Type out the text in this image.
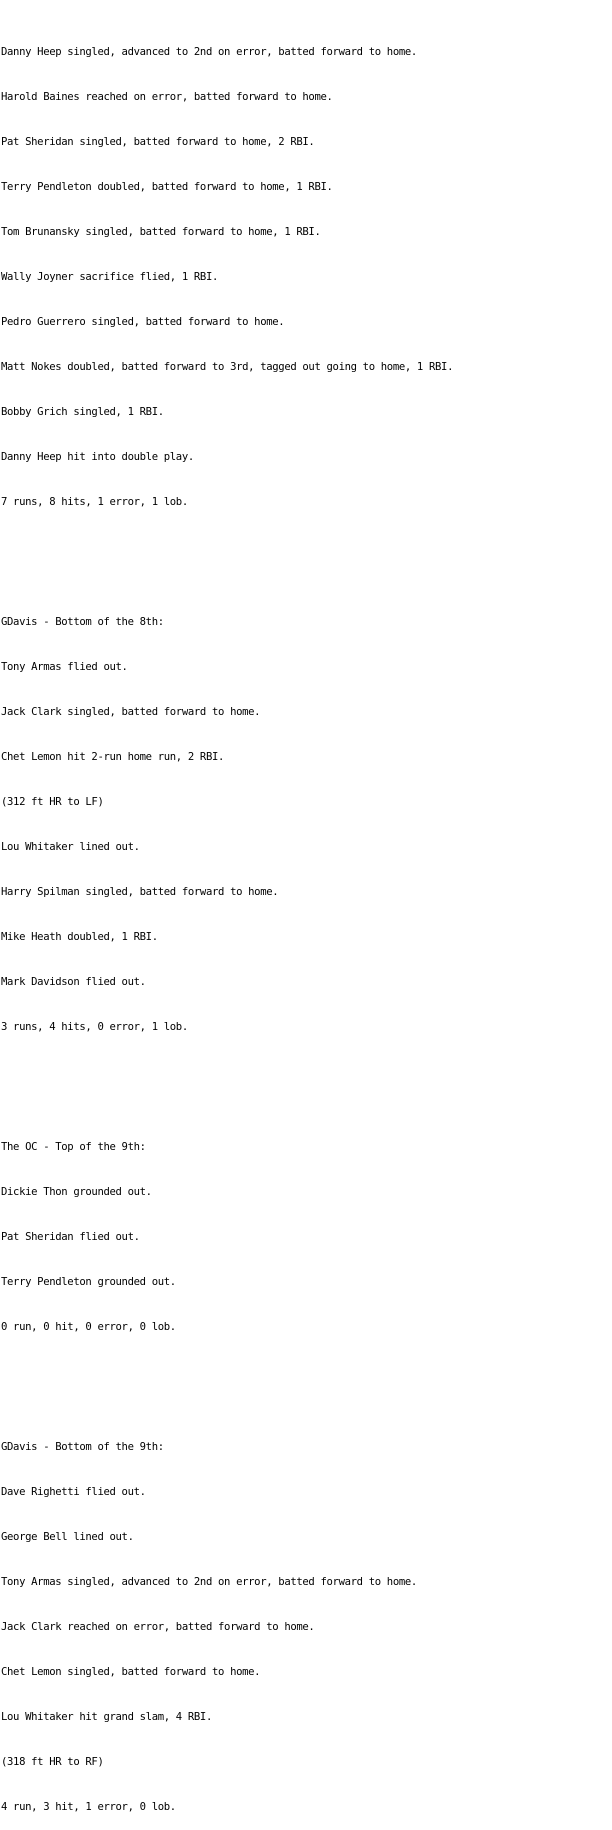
Danny Heep singled, advanced to 2nd on error, batted forward to home.

Harold Baines reached on error, batted forward to home.

Pat Sheridan singled, batted forward to home, 2 RBI.

Terry Pendleton doubled, batted forward to home, 1 RBI.

Tom Brunansky singled, batted forward to home, 1 RBI.

Wally Joyner sacrifice flied, 1 RBI.

Pedro Guerrero singled, batted forward to home.

Matt Nokes doubled, batted forward to 3rd, tagged out going to home, 1 RBI.

Bobby Grich singled, 1 RBI.

Danny Heep hit into double play.

7 runs, 8 hits, 1 error, 1 lob.

GDavis - Bottom of the 8th:

Tony Armas flied out.

Jack Clark singled, batted forward to home.

Chet Lemon hit 2-run home run, 2 RBI.

(312 ft HR to LF)

Lou Whitaker lined out.

Harry Spilman singled, batted forward to home.

Mike Heath doubled, 1 RBI.

Mark Davidson flied out.

3 runs, 4 hits, 0 error, 1 lob.

The OC - Top of the 9th:

Dickie Thon grounded out.

Pat Sheridan flied out.

Terry Pendleton grounded out.

0 run, 0 hit, 0 error, 0 lob.

GDavis - Bottom of the 9th:

Dave Righetti flied out.

George Bell lined out.

Tony Armas singled, advanced to 2nd on error, batted forward to home.

Jack Clark reached on error, batted forward to home.

Chet Lemon singled, batted forward to home.

Lou Whitaker hit grand slam, 4 RBI.

(318 ft HR to RF)

4 run, 3 hit, 1 error, 0 lob.
